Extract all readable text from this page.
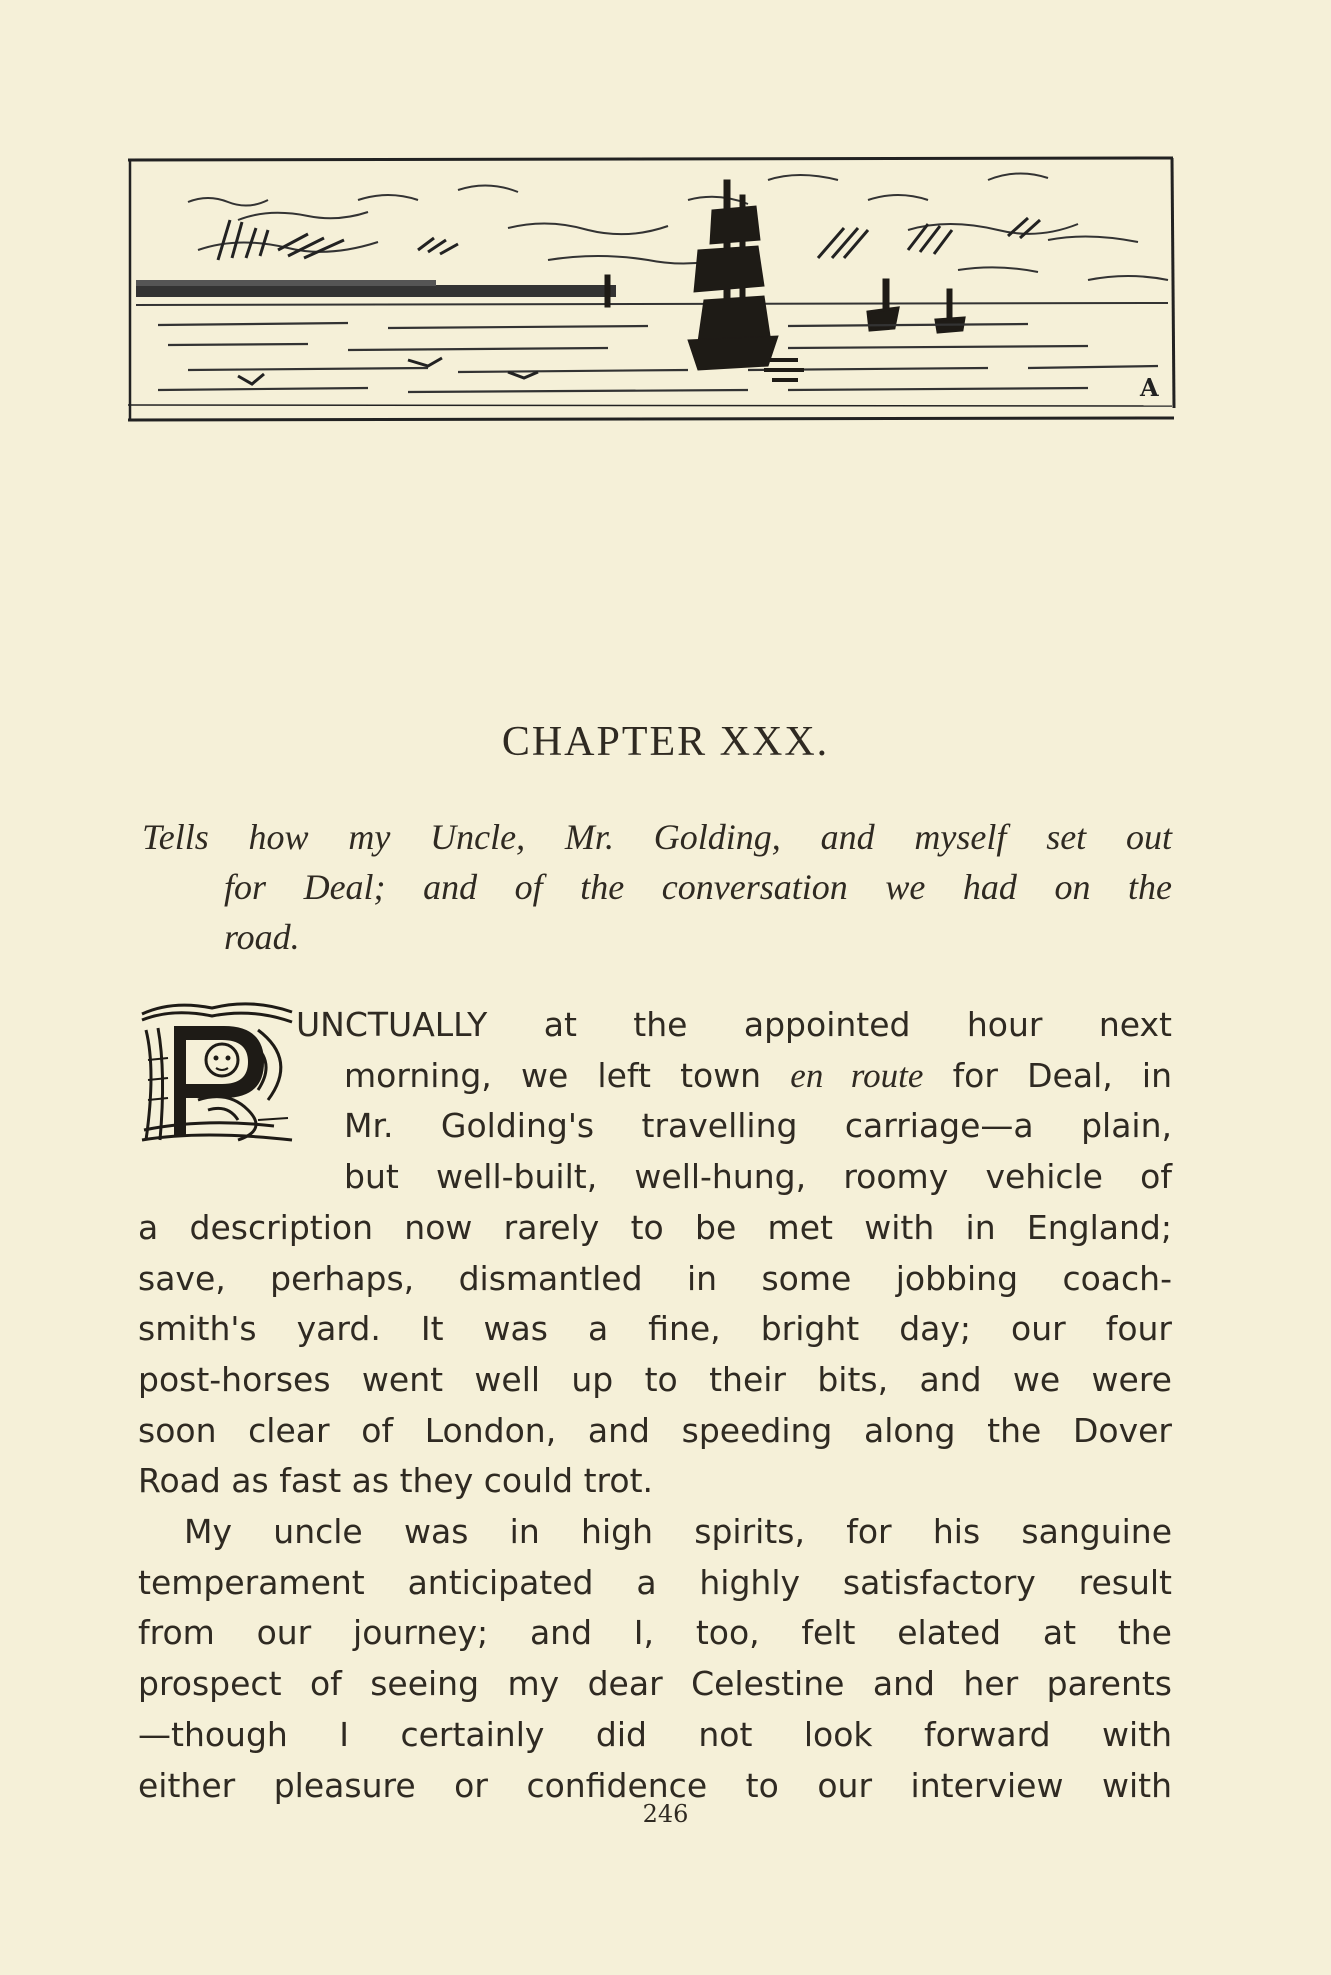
A
CHAPTER XXX.
Tells how my Uncle, Mr. Golding, and myself set out
for Deal; and of the conversation we had on the
road.
UNCTUALLY at the appointed hour next
morning, we left town en route for Deal, in
Mr. Golding's travelling carriage—a plain,
but well-built, well-hung, roomy vehicle of
a description now rarely to be met with in England;
save, perhaps, dismantled in some jobbing coach-
smith's yard. It was a fine, bright day; our four
post-horses went well up to their bits, and we were
soon clear of London, and speeding along the Dover
Road as fast as they could trot.
My uncle was in high spirits, for his sanguine
temperament anticipated a highly satisfactory result
from our journey; and I, too, felt elated at the
prospect of seeing my dear Celestine and her parents
—though I certainly did not look forward with
either pleasure or confidence to our interview with
246
